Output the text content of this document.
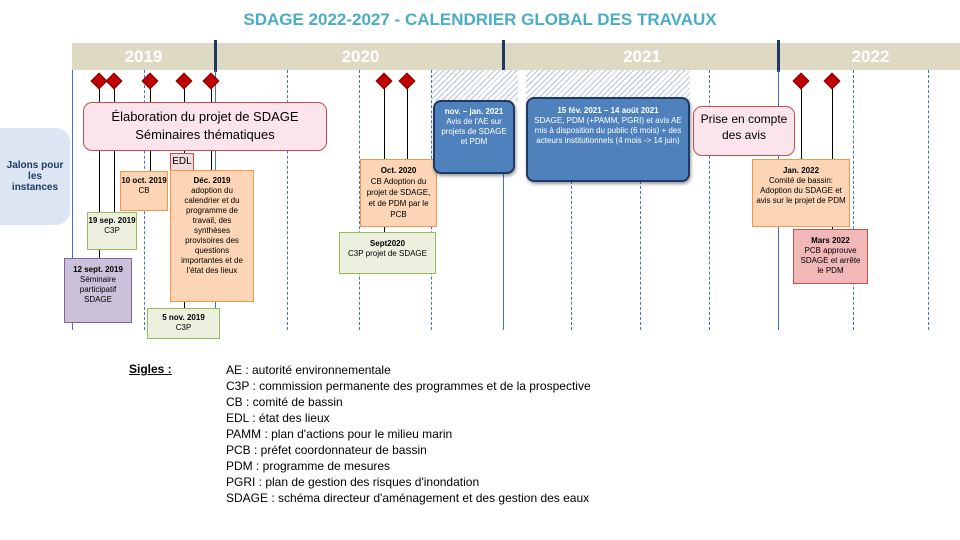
SDAGE 2022-2027 - CALENDRIER GLOBAL DES TRAVAUX
2019	2020	2021	2022
Jalons pour les instances
Élaboration du projet de SDAGE
Séminaires thématiques
EDL
Prise en compte des avis
12 sept. 2019
Séminaire participatif SDAGE
19 sep. 2019
C3P
10 oct. 2019
CB
Déc. 2019
adoption du calendrier et du programme de travail, des synthèses provisoires des questions importantes et de l'état des lieux
5 nov. 2019
C3P
Oct. 2020
CB Adoption du projet de SDAGE, et de PDM par le PCB
Sept2020
C3P projet de SDAGE
nov. – jan. 2021
Avis de l'AE sur projets de SDAGE et PDM
15 fév. 2021 – 14 août 2021
SDAGE, PDM (+PAMM, PGRI) et avis AE mis à disposition du public (6 mois) + des acteurs institutionnels (4 mois -> 14 juin)
Jan. 2022
Comité de bassin: Adoption du SDAGE et avis sur le projet de PDM
Mars 2022
PCB approuve SDAGE et arrête le PDM
Sigles :	AE : autorité environnementale
C3P : commission permanente des programmes et de la prospective
CB : comité de bassin
EDL : état des lieux
PAMM : plan d'actions pour le milieu marin
PCB : préfet coordonnateur de bassin
PDM : programme de mesures
PGRI : plan de gestion des risques d'inondation
SDAGE : schéma directeur d'aménagement et des gestion des eaux
